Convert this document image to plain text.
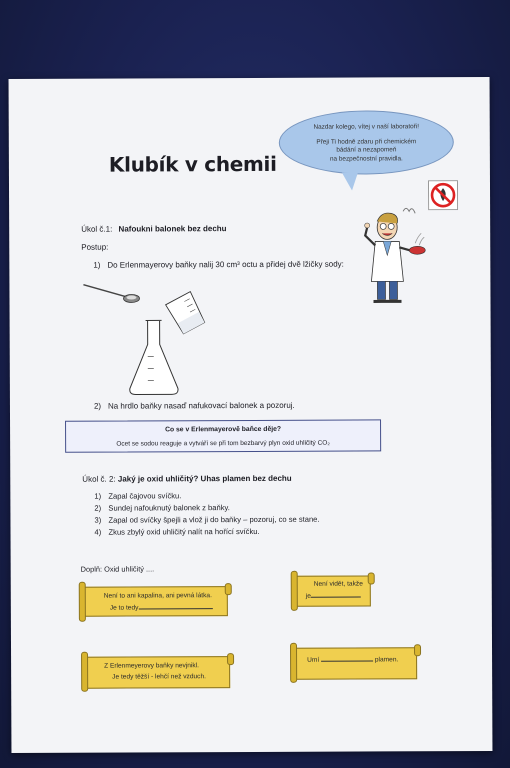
Klubík v chemii
Nazdar kolego, vítej v naší laboratoři!
Přeji Ti hodně zdaru při chemickém
bádání a nezapomeň
na bezpečnostní pravidla.
Úkol č.1: Nafoukni balonek bez dechu
Postup:
1) Do Erlenmayerovy baňky nalij 30 cm³ octu a přidej dvě lžičky sody:
2) Na hrdlo baňky nasaď nafukovací balonek a pozoruj.
Co se v Erlenmayerově baňce děje?
Ocet se sodou reaguje a vytváří se při tom bezbarvý plyn oxid uhličitý CO₂
Úkol č. 2: Jaký je oxid uhličitý? Uhas plamen bez dechu
1) Zapal čajovou svíčku.
2) Sundej nafouknutý balonek z baňky.
3) Zapal od svíčky špejli a vlož ji do baňky – pozoruj, co se stane.
4) Zkus zbylý oxid uhličitý nalít na hořící svíčku.
Doplň: Oxid uhličitý ....
Není to ani kapalina, ani pevná látka.
Je to tedy
Není vidět, takže
je
Z Erlenmeyerovy baňky nevjnikl.
Je tedy těžší - lehčí než vzduch.
Umí	plamen.
